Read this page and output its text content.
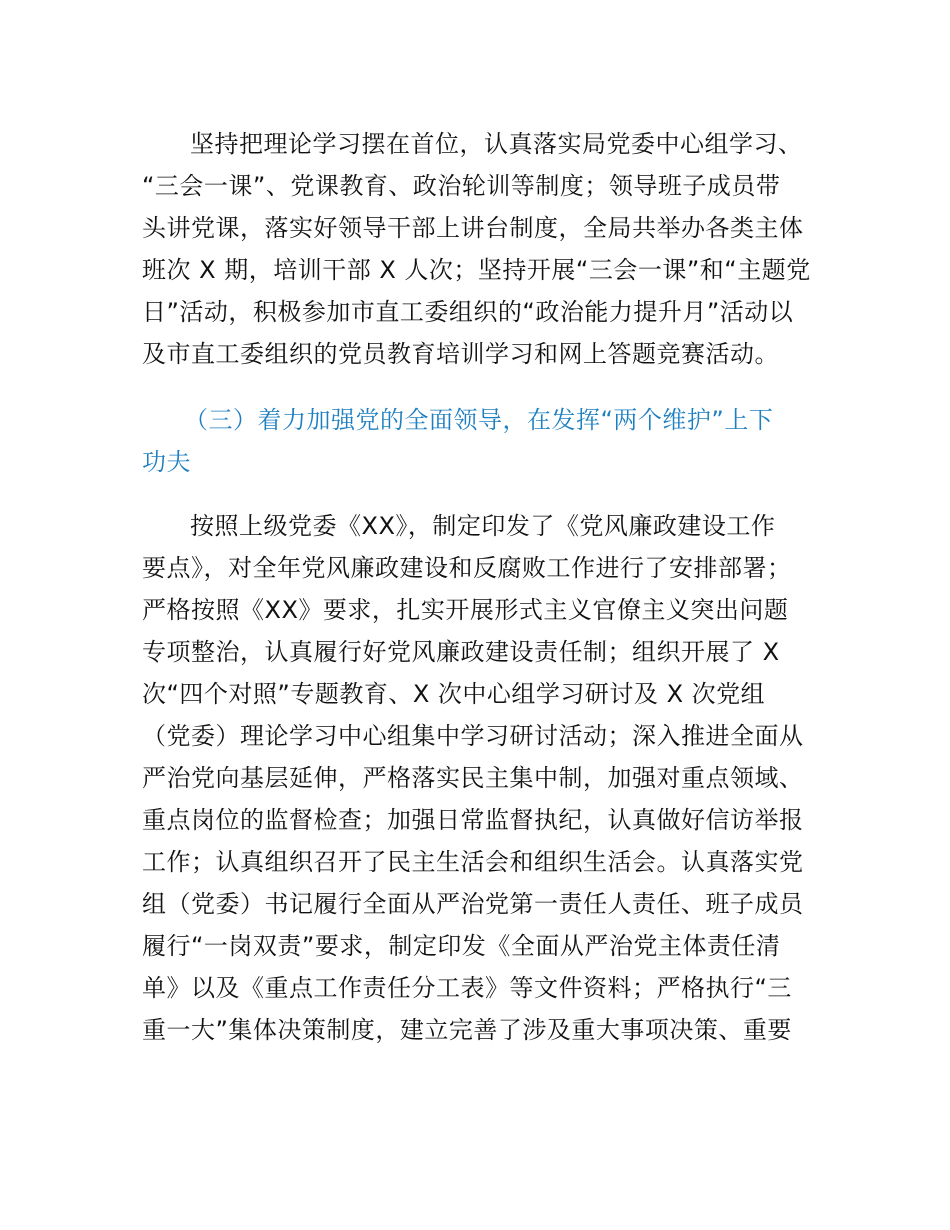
坚持把理论学习摆在首位，认真落实局党委中心组学习、
“三会一课”、党课教育、政治轮训等制度；领导班子成员带
头讲党课，落实好领导干部上讲台制度，全局共举办各类主体
班次 X 期，培训干部 X 人次；坚持开展“三会一课”和“主题党
日”活动，积极参加市直工委组织的“政治能力提升月”活动以
及市直工委组织的党员教育培训学习和网上答题竞赛活动。
（三）着力加强党的全面领导，在发挥“两个维护”上下
功夫
按照上级党委《XX》，制定印发了《党风廉政建设工作
要点》，对全年党风廉政建设和反腐败工作进行了安排部署；
严格按照《XX》要求，扎实开展形式主义官僚主义突出问题
专项整治，认真履行好党风廉政建设责任制；组织开展了 X
次“四个对照”专题教育、X 次中心组学习研讨及 X 次党组
（党委）理论学习中心组集中学习研讨活动；深入推进全面从
严治党向基层延伸，严格落实民主集中制，加强对重点领域、
重点岗位的监督检查；加强日常监督执纪，认真做好信访举报
工作；认真组织召开了民主生活会和组织生活会。认真落实党
组（党委）书记履行全面从严治党第一责任人责任、班子成员
履行“一岗双责”要求，制定印发《全面从严治党主体责任清
单》以及《重点工作责任分工表》等文件资料；严格执行“三
重一大”集体决策制度，建立完善了涉及重大事项决策、重要
